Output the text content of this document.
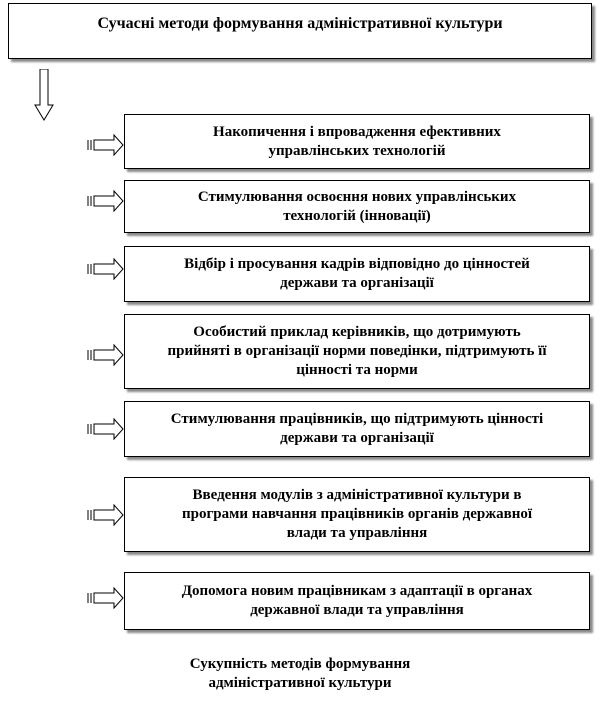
Сучасні методи формування адміністративної культури
Накопичення і впровадження ефективних
управлінських технологій
Стимулювання освоєння нових управлінських
технологій (інновації)
Відбір і просування кадрів відповідно до цінностей
держави та організації
Особистий приклад керівників, що дотримують
прийняті в організації норми поведінки, підтримують її
цінності та норми
Стимулювання працівників, що підтримують цінності
держави та організації
Введення модулів з адміністративної культури в
програми навчання працівників органів державної
влади та управління
Допомога новим працівникам з адаптації в органах
державної влади та управління
Сукупність методів формування
адміністративної культури
